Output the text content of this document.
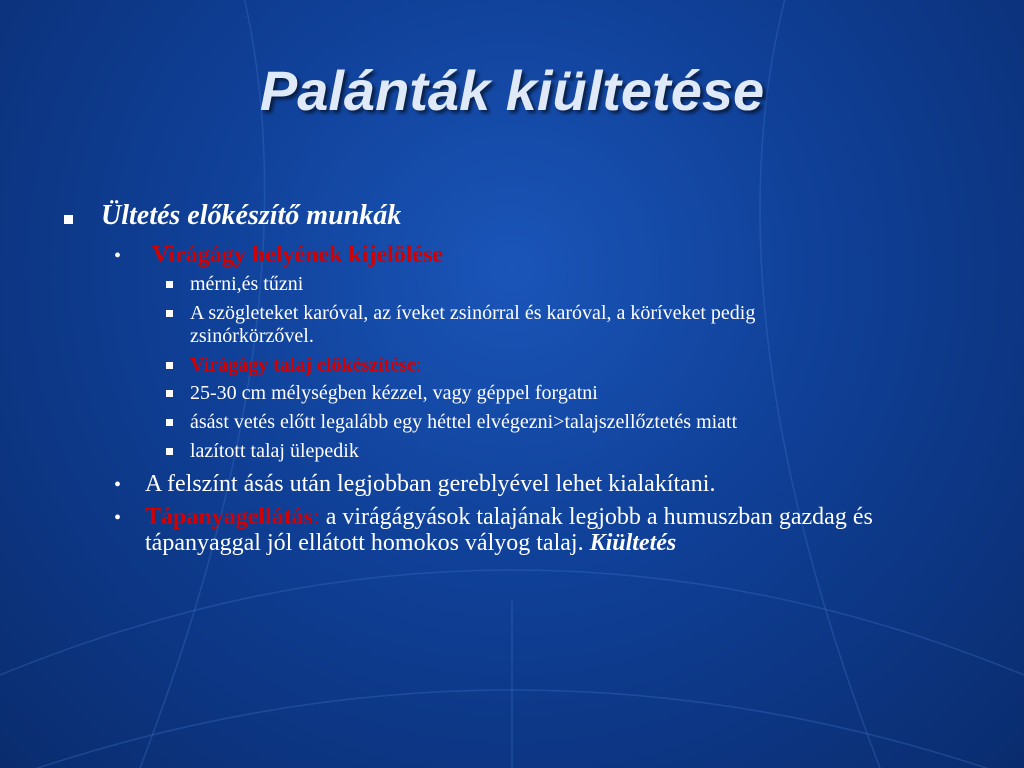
Palánták kiültetése
Ültetés előkészítő munkák
• Virágágy helyének kijelölése
mérni,és tűzni
A szögleteket karóval, az íveket zsinórral és karóval, a köríveket pedig
zsinórkörzővel.
Virágágy talaj előkészítése:
25-30 cm mélységben kézzel, vagy géppel forgatni
ásást vetés előtt legalább egy héttel elvégezni>talajszellőztetés miatt
lazított talaj ülepedik
• A felszínt ásás után legjobban gereblyével lehet kialakítani.
• Tápanyagellátás: a virágágyások talajának legjobb a humuszban gazdag és
tápanyaggal jól ellátott homokos vályog talaj. Kiültetés
